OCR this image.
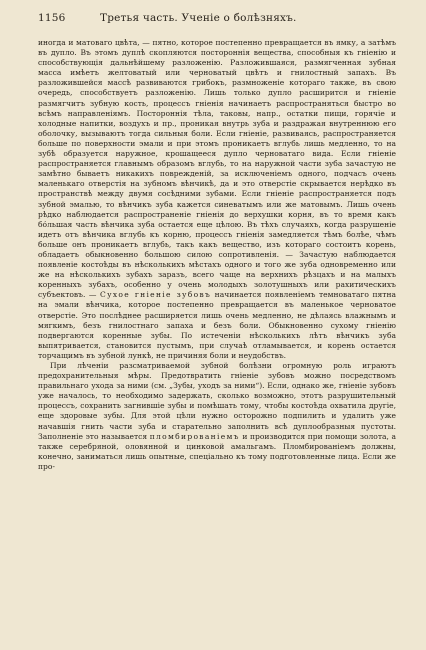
1156	Третья часть. Ученіе о болѣзняхъ.

иногда и матоваго цвѣта, — пятно, которое постепенно превращается въ ямку, а затѣмъ въ дупло. Въ этомъ дуплѣ скопляются постороннія вещества, способныя къ гніенію и способствующія дальнѣйшему разложенію. Разложившаяся, размягченная зубная масса имѣетъ желтоватый или черноватый цвѣтъ и гнилостный запахъ. Въ разложившейся массѣ развиваются грибокъ, размноженіе котораго также, въ свою очередь, способствуетъ разложенію. Лишь только дупло расширится и гніеніе размягчитъ зубную кость, процессъ гніенія начинаетъ распространяться быстро во всѣмъ направленіямъ. Постороннія тѣла, таковы, напр., остатки пищи, горячіе и холодные напитки, воздухъ и пр., проникая внутрь зуба и раздражая внутреннюю его оболочку, вызываютъ тогда сильныя боли. Если гніеніе, развиваясь, распространяется больше по поверхности эмали и при этомъ проникаетъ вглубь лишь медленно, то на зубѣ образуется наружное, крошащееся дупло черноватаго вида. Если гніеніе распространяется главнымъ образомъ вглубь, то на наружной части зуба зачастую не замѣтно бываетъ никакихъ поврежденій, за исключеніемъ одного, подчасъ очень маленькаго отверстія на зубномъ вѣнчикѣ, да и это отверстіе скрывается нерѣдко въ пространствѣ между двумя сосѣдними зубами. Если гніеніе распространяется подъ зубной эмалью, то вѣнчикъ зуба кажется синеватымъ или же матовымъ. Лишь очень рѣдко наблюдается распространеніе гніенія до верхушки корня, въ то время какъ бóльшая часть вѣнчика зуба остается еще цѣлою. Въ тѣхъ случаяхъ, когда разрушеніе идетъ отъ вѣнчика вглубь къ корню, процессъ гніенія замедляется тѣмъ болѣе, чѣмъ больше онъ проникаетъ вглубь, такъ какъ вещество, изъ котораго состоитъ корень, обладаетъ обыкновенно большою силою сопротивленія. — Зачастую наблюдается появленіе костоѣды въ нѣсколькихъ мѣстахъ одного и того же зуба одновременно или же на нѣсколькихъ зубахъ заразъ, всего чаще на верхнихъ рѣзцахъ и на малыхъ коренныхъ зубахъ, особенно у очень молодыхъ золотушныхъ или рахитическихъ субъектовъ. — Сухое гніеніе зубовъ начинается появленіемъ темноватаго пятна на эмали вѣнчика, которое постепенно превращается въ маленькое черноватое отверстіе. Это послѣднее расширяется лишь очень медленно, не дѣлаясь влажнымъ и мягкимъ, безъ гнилостнаго запаха и безъ боли. Обыкновенно сухому гніенію подвергаются коренные зубы. По истеченіи нѣсколькихъ лѣтъ вѣнчикъ зуба выпятривается, становится пустымъ, при случаѣ отламывается, и корень остается торчащимъ въ зубной лункѣ, не причиняя боли и неудобствъ.

При лѣченіи разсматриваемой зубной болѣзни огромную роль играютъ предохранительныя мѣры. Предотвратить гніеніе зубовъ можно посредствомъ правильнаго ухода за ними (см. „Зубы, уходъ за ними“). Если, однако же, гніеніе зубовъ уже началось, то необходимо задержать, сколько возможно, этотъ разрушительный процессъ, сохранить загнившіе зубы и помѣшать тому, чтобы костоѣда охватила другіе, еще здоровые зубы. Для этой цѣли нужно осторожно подпилить и удалить уже начавшія гнить части зуба и старательно заполнить всѣ дуплообразныя пустоты. Заполненіе это называется пломбированіемъ и производится при помощи золота, а также серебряной, оловянной и цинковой амальгамъ. Пломбированіемъ должны, конечно, заниматься лишь опытные, спеціально къ тому подготовленные лица. Если же про-
